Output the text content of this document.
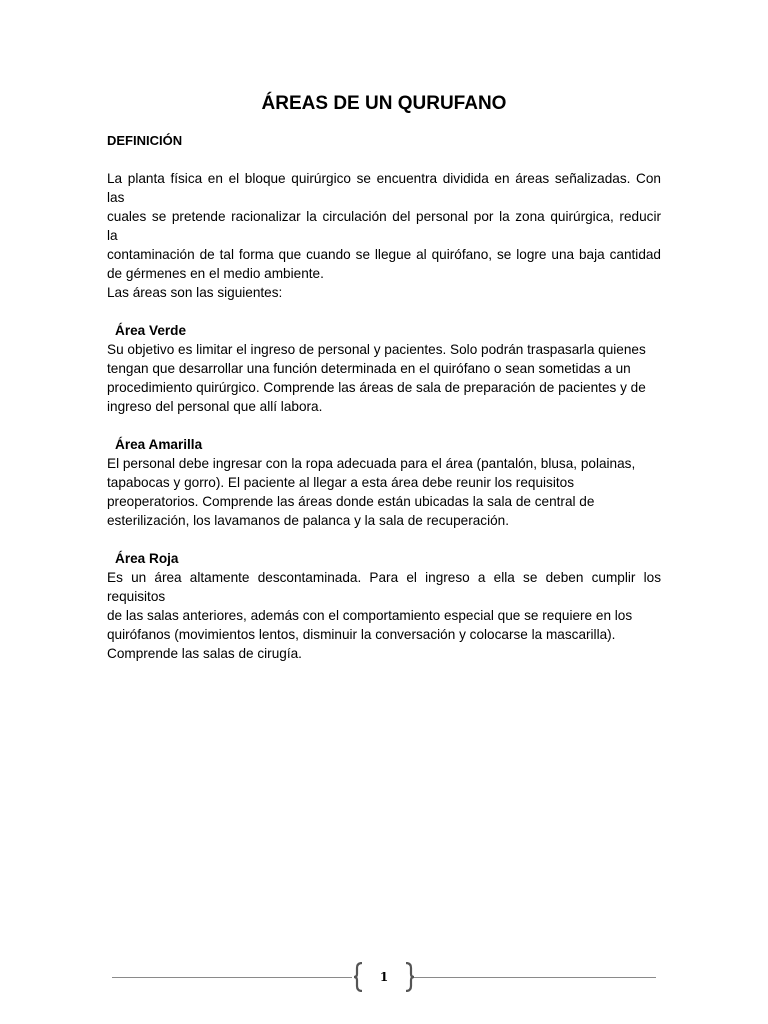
ÁREAS DE UN QURUFANO

DEFINICIÓN

La planta física en el bloque quirúrgico se encuentra dividida en áreas señalizadas. Con

las

cuales se pretende racionalizar la circulación del personal por la zona quirúrgica, reducir

la

contaminación de tal forma que cuando se llegue al quirófano, se logre una baja cantidad

de gérmenes en el medio ambiente.

Las áreas son las siguientes:

Área Verde

Su objetivo es limitar el ingreso de personal y pacientes. Solo podrán traspasarla quienes

tengan que desarrollar una función determinada en el quirófano o sean sometidas a un

procedimiento quirúrgico. Comprende las áreas de sala de preparación de pacientes y de

ingreso del personal que allí labora.

Área Amarilla

El personal debe ingresar con la ropa adecuada para el área (pantalón, blusa, polainas,

tapabocas y gorro). El paciente al llegar a esta área debe reunir los requisitos

preoperatorios. Comprende las áreas donde están ubicadas la sala de central de

esterilización, los lavamanos de palanca y la sala de recuperación.

Área Roja

Es un área altamente descontaminada. Para el ingreso a ella se deben cumplir los

requisitos

de las salas anteriores, además con el comportamiento especial que se requiere en los

quirófanos (movimientos lentos, disminuir la conversación y colocarse la mascarilla).

Comprende las salas de cirugía.

1
